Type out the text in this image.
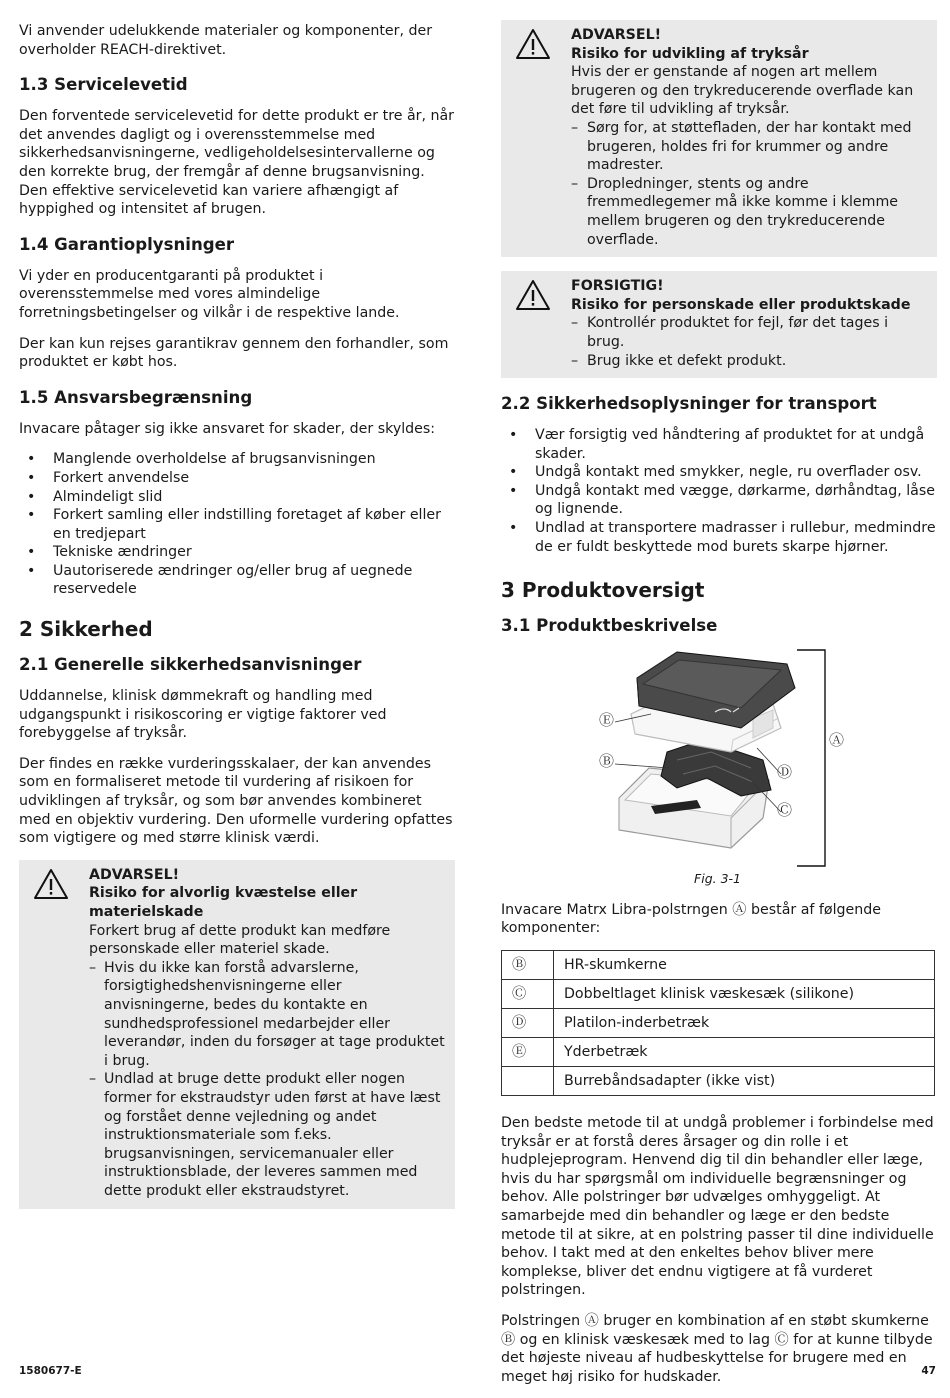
Vi anvender udelukkende materialer og komponenter, der overholder REACH-direktivet.

1.3 Servicelevetid

Den forventede servicelevetid for dette produkt er tre år, når det anvendes dagligt og i overensstemmelse med sikkerhedsanvisningerne, vedligeholdelsesintervallerne og den korrekte brug, der fremgår af denne brugsanvisning. Den effektive servicelevetid kan variere afhængigt af hyppighed og intensitet af brugen.

1.4 Garantioplysninger

Vi yder en producentgaranti på produktet i overensstemmelse med vores almindelige forretningsbetingelser og vilkår i de respektive lande.

Der kan kun rejses garantikrav gennem den forhandler, som produktet er købt hos.

1.5 Ansvarsbegrænsning

Invacare påtager sig ikke ansvaret for skader, der skyldes:

• Manglende overholdelse af brugsanvisningen
• Forkert anvendelse
• Almindeligt slid
• Forkert samling eller indstilling foretaget af køber eller en tredjepart
• Tekniske ændringer
• Uautoriserede ændringer og/eller brug af uegnede reservedele
2 Sikkerhed
2.1 Generelle sikkerhedsanvisninger

Uddannelse, klinisk dømmekraft og handling med udgangspunkt i risikoscoring er vigtige faktorer ved forebyggelse af tryksår.

Der findes en række vurderingsskalaer, der kan anvendes som en formaliseret metode til vurdering af risikoen for udviklingen af tryksår, og som bør anvendes kombineret med en objektiv vurdering. Den uformelle vurdering opfattes som vigtigere og med større klinisk værdi.

ADVARSEL!
Risiko for alvorlig kvæstelse eller materielskade
Forkert brug af dette produkt kan medføre personskade eller materiel skade.
– Hvis du ikke kan forstå advarslerne, forsigtighedshenvisningerne eller anvisningerne, bedes du kontakte en sundhedsprofessionel medarbejder eller leverandør, inden du forsøger at tage produktet i brug.
– Undlad at bruge dette produkt eller nogen former for ekstraudstyr uden først at have læst og forstået denne vejledning og andet instruktionsmateriale som f.eks. brugsanvisningen, servicemanualer eller instruktionsblade, der leveres sammen med dette produkt eller ekstraudstyret.
ADVARSEL!
Risiko for udvikling af tryksår
Hvis der er genstande af nogen art mellem brugeren og den trykreducerende overflade kan det føre til udvikling af tryksår.
– Sørg for, at støttefladen, der har kontakt med brugeren, holdes fri for krummer og andre madrester.
– Dropledninger, stents og andre fremmedlegemer må ikke komme i klemme mellem brugeren og den trykreducerende overflade.
FORSIGTIG!
Risiko for personskade eller produktskade
– Kontrollér produktet for fejl, før det tages i brug.
– Brug ikke et defekt produkt.
2.2 Sikkerhedsoplysninger for transport
• Vær forsigtig ved håndtering af produktet for at undgå skader.
• Undgå kontakt med smykker, negle, ru overflader osv.
• Undgå kontakt med vægge, dørkarme, dørhåndtag, låse og lignende.
• Undlad at transportere madrasser i rullebur, medmindre de er fuldt beskyttede mod burets skarpe hjørner.
3 Produktoversigt
3.1 Produktbeskrivelse
Ⓔ
Ⓑ
Ⓐ
Ⓓ
Ⓒ
Fig. 3-1

Invacare Matrx Libra-polstrngen Ⓐ består af følgende komponenter:

Ⓑ	HR-skumkerne
Ⓒ	Dobbeltlaget klinisk væskesæk (silikone)
Ⓓ	Platilon-inderbetræk
Ⓔ	Yderbetræk
	Burrebåndsadapter (ikke vist)

Den bedste metode til at undgå problemer i forbindelse med tryksår er at forstå deres årsager og din rolle i et hudplejeprogram. Henvend dig til din behandler eller læge, hvis du har spørgsmål om individuelle begrænsninger og behov. Alle polstringer bør udvælges omhyggeligt. At samarbejde med din behandler og læge er den bedste metode til at sikre, at en polstring passer til dine individuelle behov. I takt med at den enkeltes behov bliver mere komplekse, bliver det endnu vigtigere at få vurderet polstringen.

Polstringen Ⓐ bruger en kombination af en støbt skumkerne Ⓑ og en klinisk væskesæk med to lag Ⓒ for at kunne tilbyde det højeste niveau af hudbeskyttelse for brugere med en meget høj risiko for hudskader.

1580677-E	47
